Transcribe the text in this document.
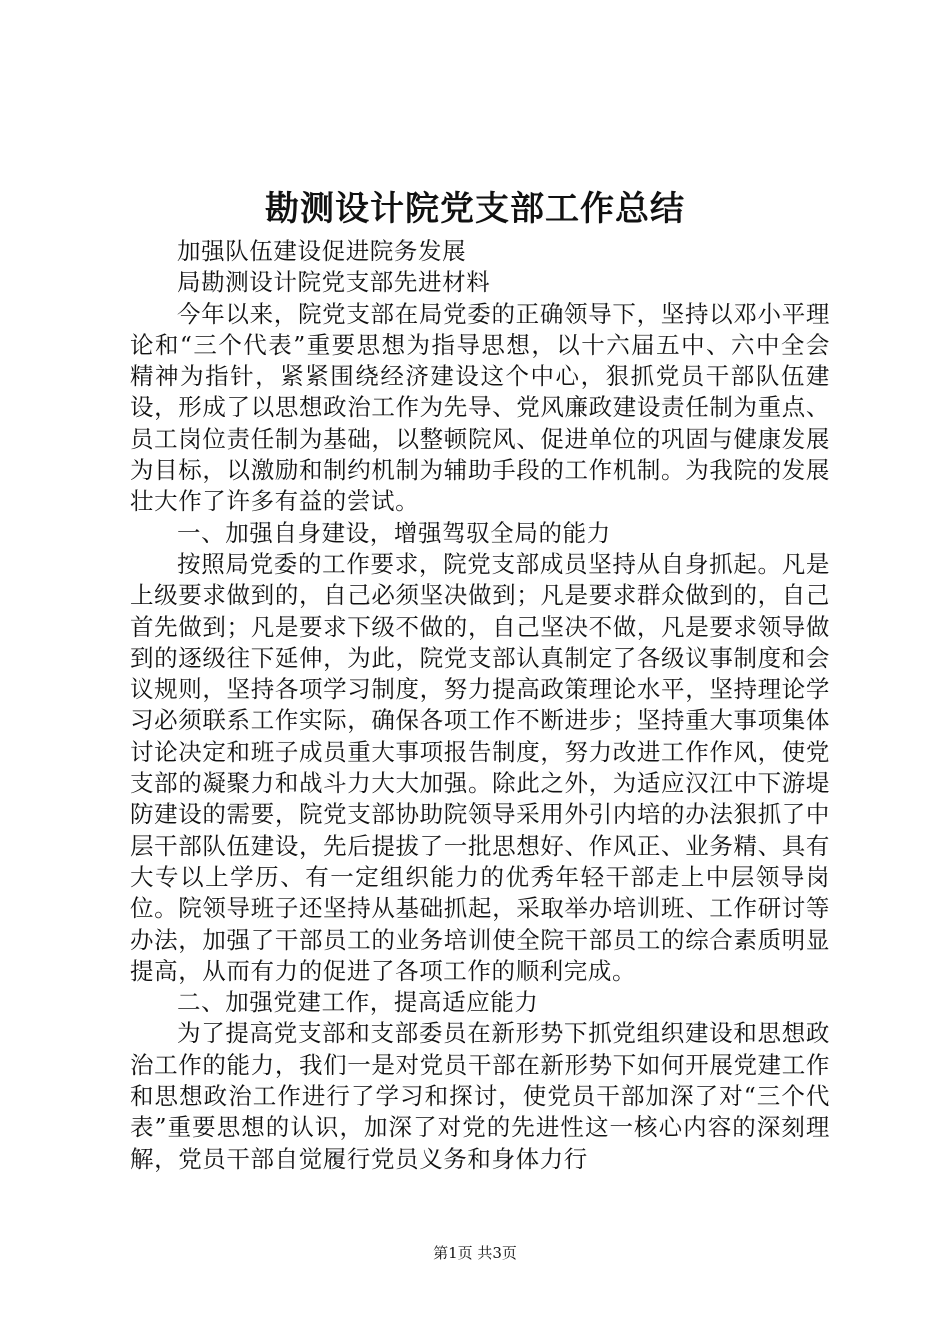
勘测设计院党支部工作总结

加强队伍建设促进院务发展

局勘测设计院党支部先进材料

今年以来，院党支部在局党委的正确领导下，坚持以邓小平理论和“三个代表”重要思想为指导思想，以十六届五中、六中全会精神为指针，紧紧围绕经济建设这个中心，狠抓党员干部队伍建设，形成了以思想政治工作为先导、党风廉政建设责任制为重点、员工岗位责任制为基础，以整顿院风、促进单位的巩固与健康发展为目标，以激励和制约机制为辅助手段的工作机制。为我院的发展壮大作了许多有益的尝试。

一、加强自身建设，增强驾驭全局的能力

按照局党委的工作要求，院党支部成员坚持从自身抓起。凡是上级要求做到的，自己必须坚决做到；凡是要求群众做到的，自己首先做到；凡是要求下级不做的，自己坚决不做，凡是要求领导做到的逐级往下延伸，为此，院党支部认真制定了各级议事制度和会议规则，坚持各项学习制度，努力提高政策理论水平，坚持理论学习必须联系工作实际，确保各项工作不断进步；坚持重大事项集体讨论决定和班子成员重大事项报告制度，努力改进工作作风，使党支部的凝聚力和战斗力大大加强。除此之外，为适应汉江中下游堤防建设的需要，院党支部协助院领导采用外引内培的办法狠抓了中层干部队伍建设，先后提拔了一批思想好、作风正、业务精、具有大专以上学历、有一定组织能力的优秀年轻干部走上中层领导岗位。院领导班子还坚持从基础抓起，采取举办培训班、工作研讨等办法，加强了干部员工的业务培训使全院干部员工的综合素质明显提高，从而有力的促进了各项工作的顺利完成。

二、加强党建工作，提高适应能力

为了提高党支部和支部委员在新形势下抓党组织建设和思想政治工作的能力，我们一是对党员干部在新形势下如何开展党建工作和思想政治工作进行了学习和探讨，使党员干部加深了对“三个代表”重要思想的认识，加深了对党的先进性这一核心内容的深刻理解，党员干部自觉履行党员义务和身体力行

第1页 共3页
